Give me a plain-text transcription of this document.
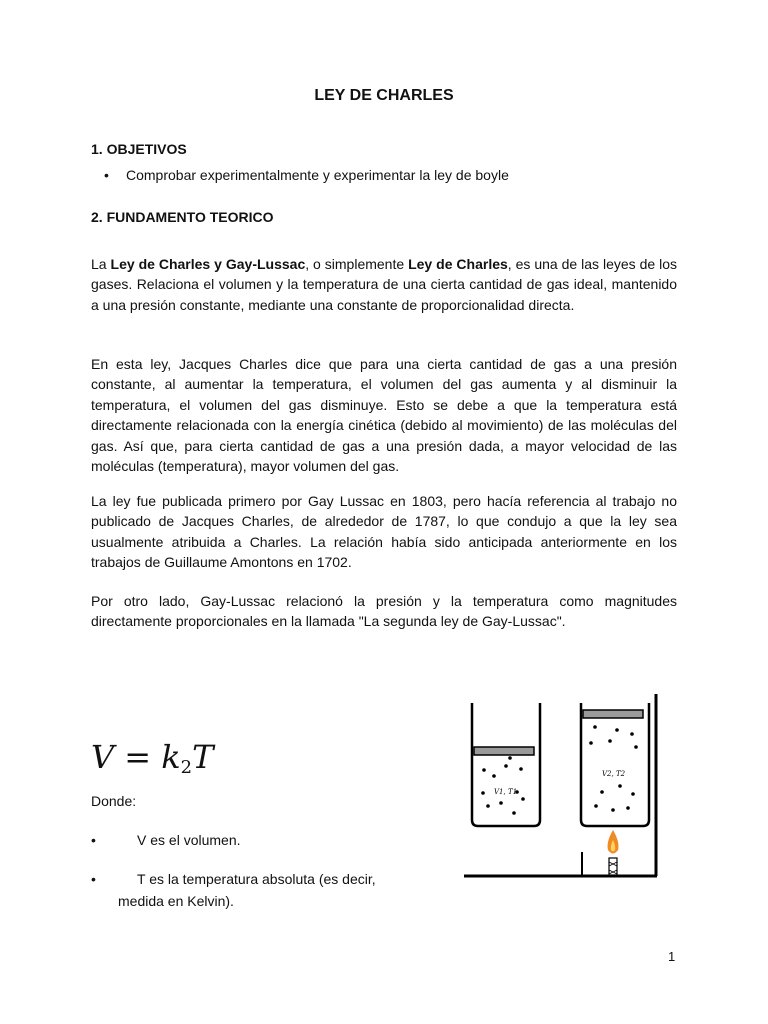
LEY DE CHARLES
1. OBJETIVOS
• Comprobar experimentalmente y experimentar la ley de boyle
2. FUNDAMENTO TEORICO
La Ley de Charles y Gay-Lussac, o simplemente Ley de Charles, es una de las leyes de los gases. Relaciona el volumen y la temperatura de una cierta cantidad de gas ideal, mantenido a una presión constante, mediante una constante de proporcionalidad directa.
En esta ley, Jacques Charles dice que para una cierta cantidad de gas a una presión constante, al aumentar la temperatura, el volumen del gas aumenta y al disminuir la temperatura, el volumen del gas disminuye. Esto se debe a que la temperatura está directamente relacionada con la energía cinética (debido al movimiento) de las moléculas del gas. Así que, para cierta cantidad de gas a una presión dada, a mayor velocidad de las moléculas (temperatura), mayor volumen del gas.
La ley fue publicada primero por Gay Lussac en 1803, pero hacía referencia al trabajo no publicado de Jacques Charles, de alrededor de 1787, lo que condujo a que la ley sea usualmente atribuida a Charles. La relación había sido anticipada anteriormente en los trabajos de Guillaume Amontons en 1702.
Por otro lado, Gay-Lussac relacionó la presión y la temperatura como magnitudes directamente proporcionales en la llamada "La segunda ley de Gay-Lussac".
$V = k_2T$
Donde:
•	V es el volumen.
•	T es la temperatura absoluta (es decir,
medida en Kelvin).
V1, T1
V2, T2
1
